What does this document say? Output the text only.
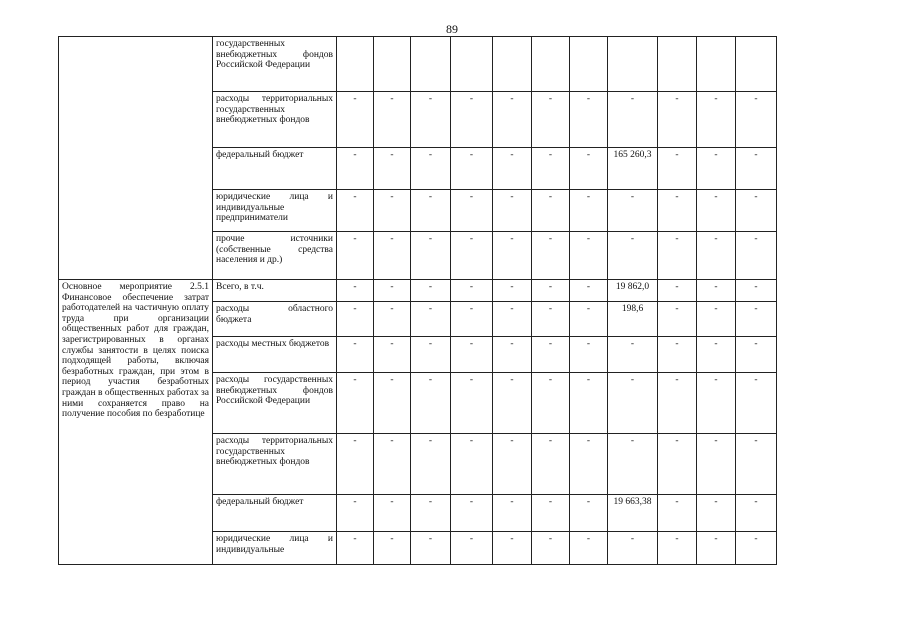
89
	государственных внебюджетных фондов Российской Федерации											
	расходы территориальных государственных внебюджетных фондов	-	-	-	-	-	-	-	-	-	-	-
	федеральный бюджет	-	-	-	-	-	-	-	165 260,3	-	-	-
	юридические лица и индивидуальные предприниматели	-	-	-	-	-	-	-	-	-	-	-
	прочие источники (собственные средства населения и др.)	-	-	-	-	-	-	-	-	-	-	-
Основное мероприятие 2.5.1 Финансовое обеспечение затрат работодателей на частичную оплату труда при организации общественных работ для граждан, зарегистрированных в органах службы занятости в целях поиска подходящей работы, включая безработных граждан, при этом в период участия безработных граждан в общественных работах за ними сохраняется право на получение пособия по безработице	Всего, в т.ч.	-	-	-	-	-	-	-	19 862,0	-	-	-
	расходы областного бюджета	-	-	-	-	-	-	-	198,6	-	-	-
	расходы местных бюджетов	-	-	-	-	-	-	-	-	-	-	-
	расходы государственных внебюджетных фондов Российской Федерации	-	-	-	-	-	-	-	-	-	-	-
	расходы территориальных государственных внебюджетных фондов	-	-	-	-	-	-	-	-	-	-	-
	федеральный бюджет	-	-	-	-	-	-	-	19 663,38	-	-	-
	юридические лица и индивидуальные	-	-	-	-	-	-	-	-	-	-	-
